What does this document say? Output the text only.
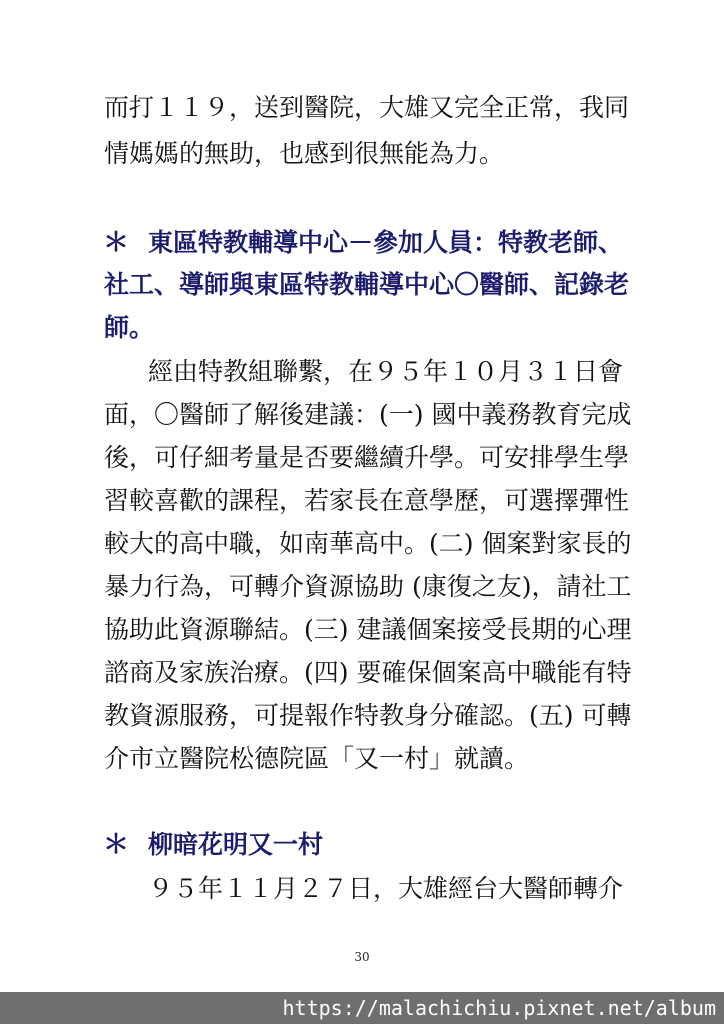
而打１１９，送到醫院，大雄又完全正常，我同
情媽媽的無助，也感到很無能為力。
＊ 東區特教輔導中心－參加人員：特教老師、
社工、導師與東區特教輔導中心〇醫師、記錄老
師。
經由特教組聯繫，在９５年１０月３１日會
面，〇醫師了解後建議：(一) 國中義務教育完成
後，可仔細考量是否要繼續升學。可安排學生學
習較喜歡的課程，若家長在意學歷，可選擇彈性
較大的高中職，如南華高中。(二) 個案對家長的
暴力行為，可轉介資源協助 (康復之友)，請社工
協助此資源聯結。(三) 建議個案接受長期的心理
諮商及家族治療。(四) 要確保個案高中職能有特
教資源服務，可提報作特教身分確認。(五) 可轉
介市立醫院松德院區「又一村」就讀。
＊ 柳暗花明又一村
９５年１１月２７日，大雄經台大醫師轉介
30
https://malachichiu.pixnet.net/album
